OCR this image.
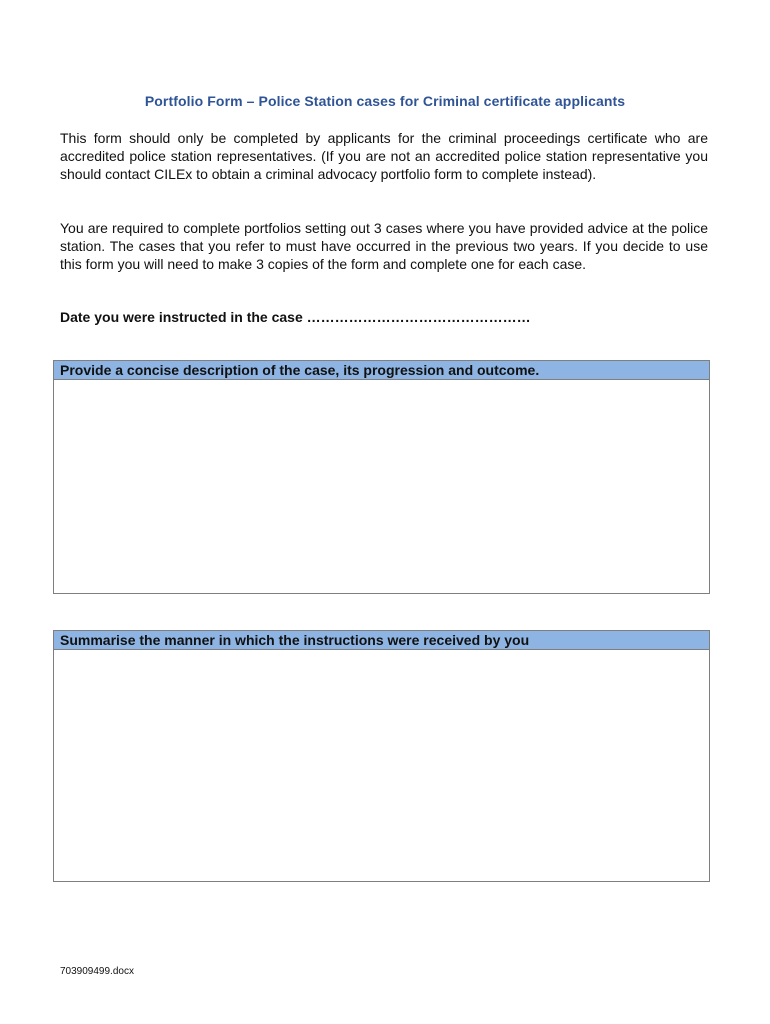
Portfolio Form – Police Station cases for Criminal certificate applicants
This form should only be completed by applicants for the criminal proceedings certificate who are accredited police station representatives. (If you are not an accredited police station representative you should contact CILEx to obtain a criminal advocacy portfolio form to complete instead).
You are required to complete portfolios setting out 3 cases where you have provided advice at the police station. The cases that you refer to must have occurred in the previous two years. If you decide to use this form you will need to make 3 copies of the form and complete one for each case.
Date you were instructed in the case …………………………………………
Provide a concise description of the case, its progression and outcome.
Summarise the manner in which the instructions were received by you
703909499.docx
